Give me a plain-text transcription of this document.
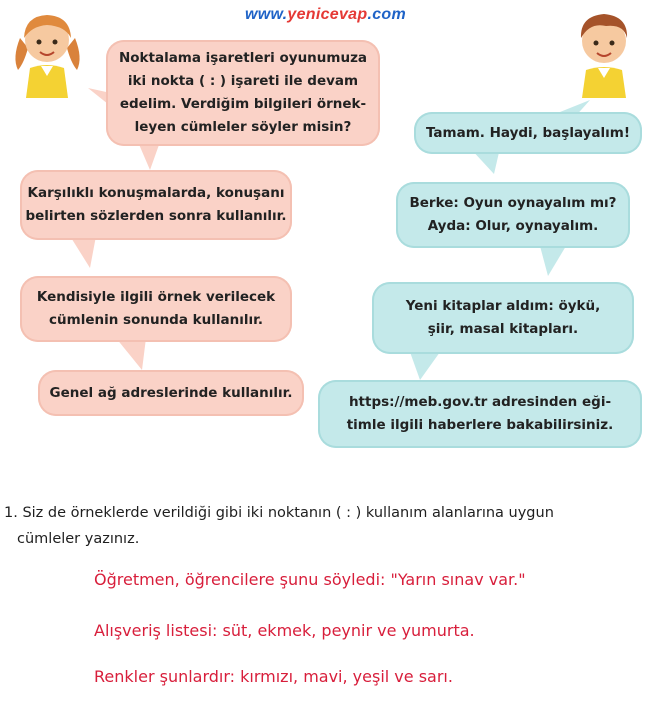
www.yenicevap.com
Noktalama işaretleri oyunumuza
iki nokta ( : ) işareti ile devam
edelim. Verdiğim bilgileri örnek-
leyen cümleler söyler misin?
Karşılıklı konuşmalarda, konuşanı
belirten sözlerden sonra kullanılır.
Kendisiyle ilgili örnek verilecek
cümlenin sonunda kullanılır.
Genel ağ adreslerinde kullanılır.
Tamam. Haydi, başlayalım!
Berke: Oyun oynayalım mı?
Ayda: Olur, oynayalım.
Yeni kitaplar aldım: öykü,
şiir, masal kitapları.
https://meb.gov.tr adresinden eği-
timle ilgili haberlere bakabilirsiniz.
1. Siz de örneklerde verildiği gibi iki noktanın ( : ) kullanım alanlarına uygun
cümleler yazınız.
Öğretmen, öğrencilere şunu söyledi: "Yarın sınav var."
Alışveriş listesi: süt, ekmek, peynir ve yumurta.
Renkler şunlardır: kırmızı, mavi, yeşil ve sarı.
